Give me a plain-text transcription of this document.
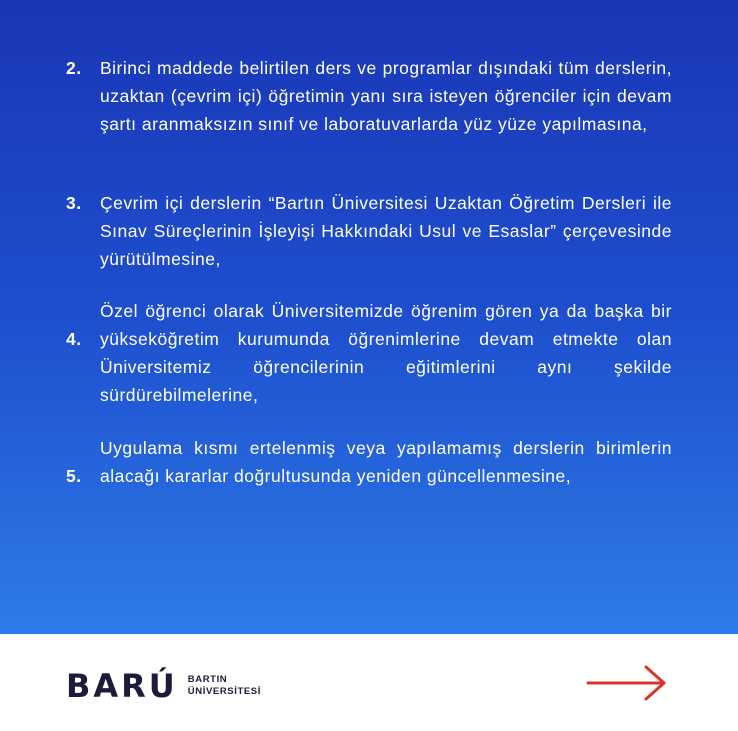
2.	Birinci maddede belirtilen ders ve programlar dışındaki tüm derslerin, uzaktan (çevrim içi) öğretimin yanı sıra isteyen öğrenciler için devam şartı aranmaksızın sınıf ve laboratuvarlarda yüz yüze yapılmasına,
3.	Çevrim içi derslerin “Bartın Üniversitesi Uzaktan Öğretim Dersleri ile Sınav Süreçlerinin İşleyişi Hakkındaki Usul ve Esaslar” çerçevesinde yürütülmesine,
4.
Özel öğrenci olarak Üniversitemizde öğrenim gören ya da başka bir yükseköğretim kurumunda öğrenimlerine devam etmekte olan Üniversitemiz öğrencilerinin eğitimlerini aynı şekilde sürdürebilmelerine,
5.
Uygulama kısmı ertelenmiş veya yapılamamış derslerin birimlerin alacağı kararlar doğrultusunda yeniden güncellenmesine,
BARÚ BARTIN
ÜNİVERSİTESİ
